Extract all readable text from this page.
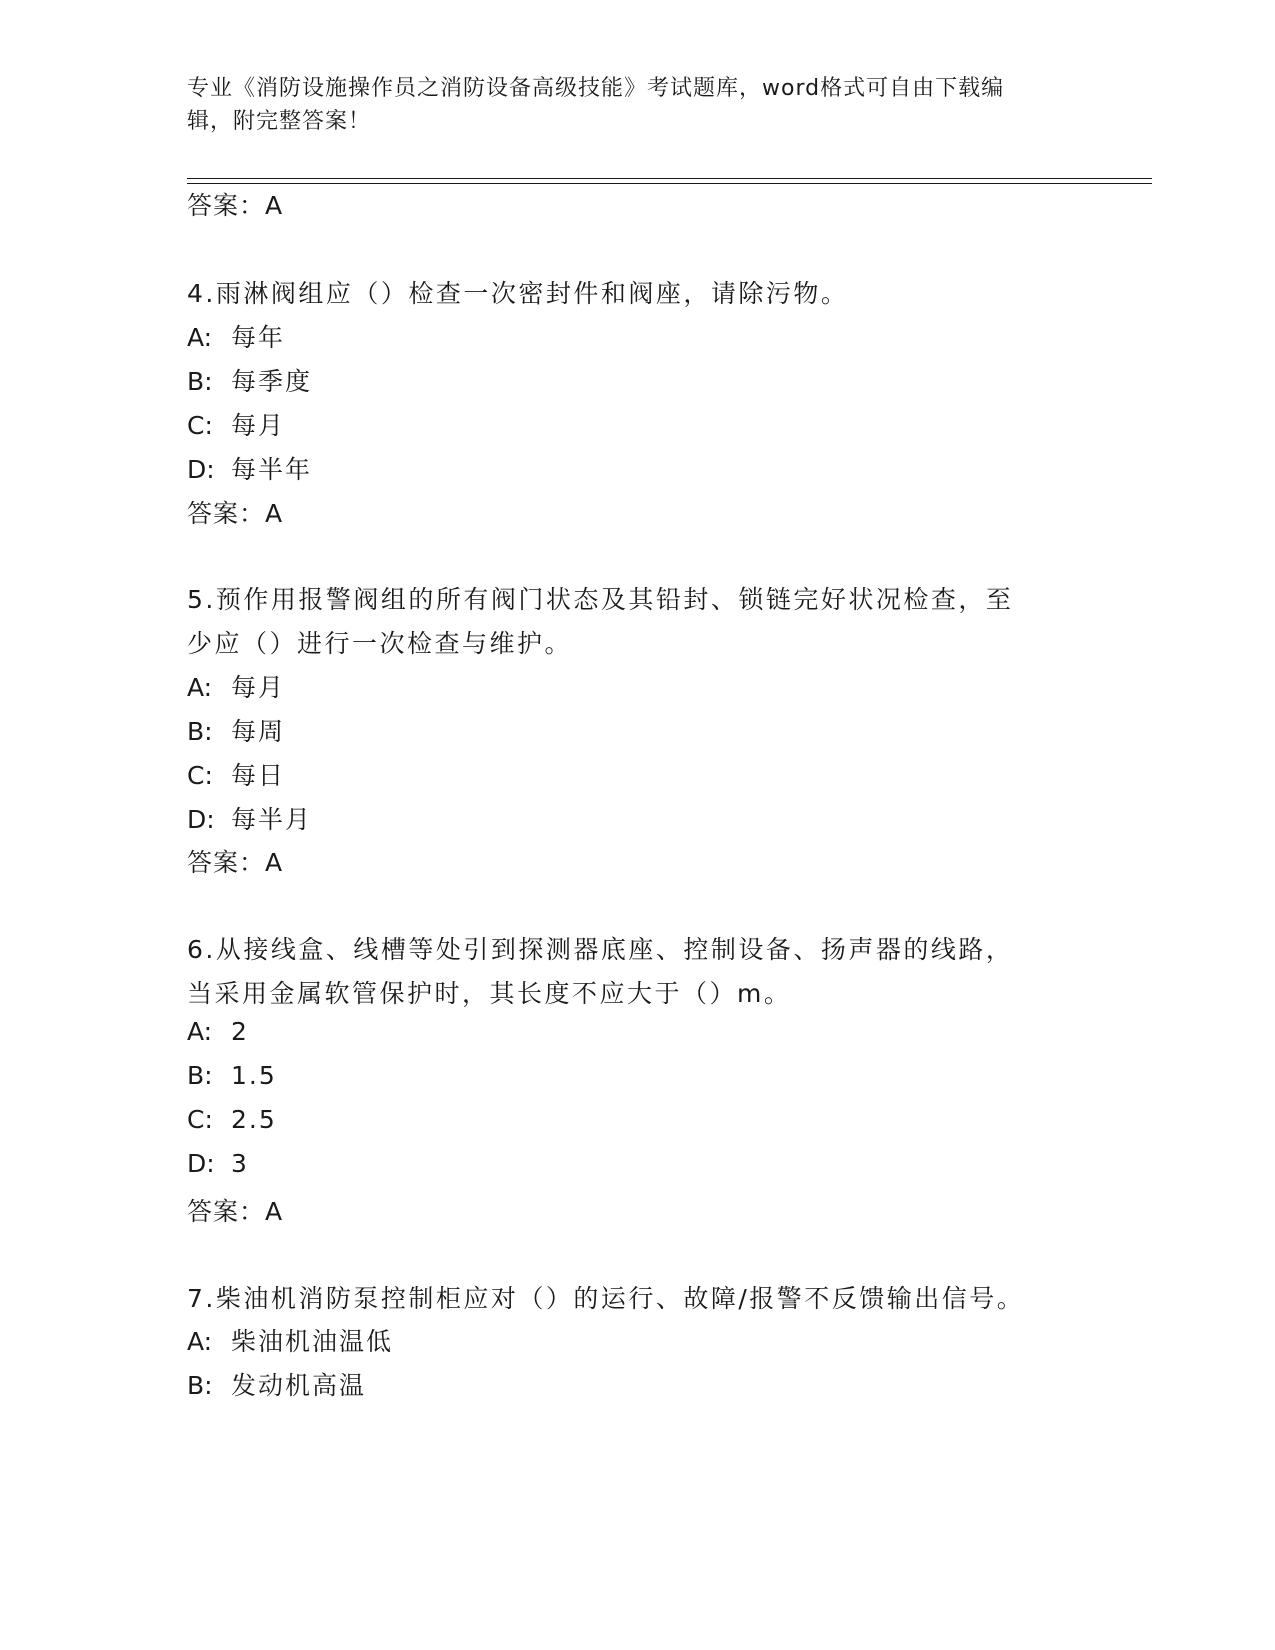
专业《消防设施操作员之消防设备高级技能》考试题库，word格式可自由下载编
辑，附完整答案！
答案：A
4.雨淋阀组应（）检查一次密封件和阀座，请除污物。
A: 每年
B: 每季度
C: 每月
D: 每半年
答案：A
5.预作用报警阀组的所有阀门状态及其铅封、锁链完好状况检查，至
少应（）进行一次检查与维护。
A: 每月
B: 每周
C: 每日
D: 每半月
答案：A
6.从接线盒、线槽等处引到探测器底座、控制设备、扬声器的线路，
当采用金属软管保护时，其长度不应大于（）m。
A: 2
B: 1.5
C: 2.5
D: 3
答案：A
7.柴油机消防泵控制柜应对（）的运行、故障/报警不反馈输出信号。
A: 柴油机油温低
B: 发动机高温
